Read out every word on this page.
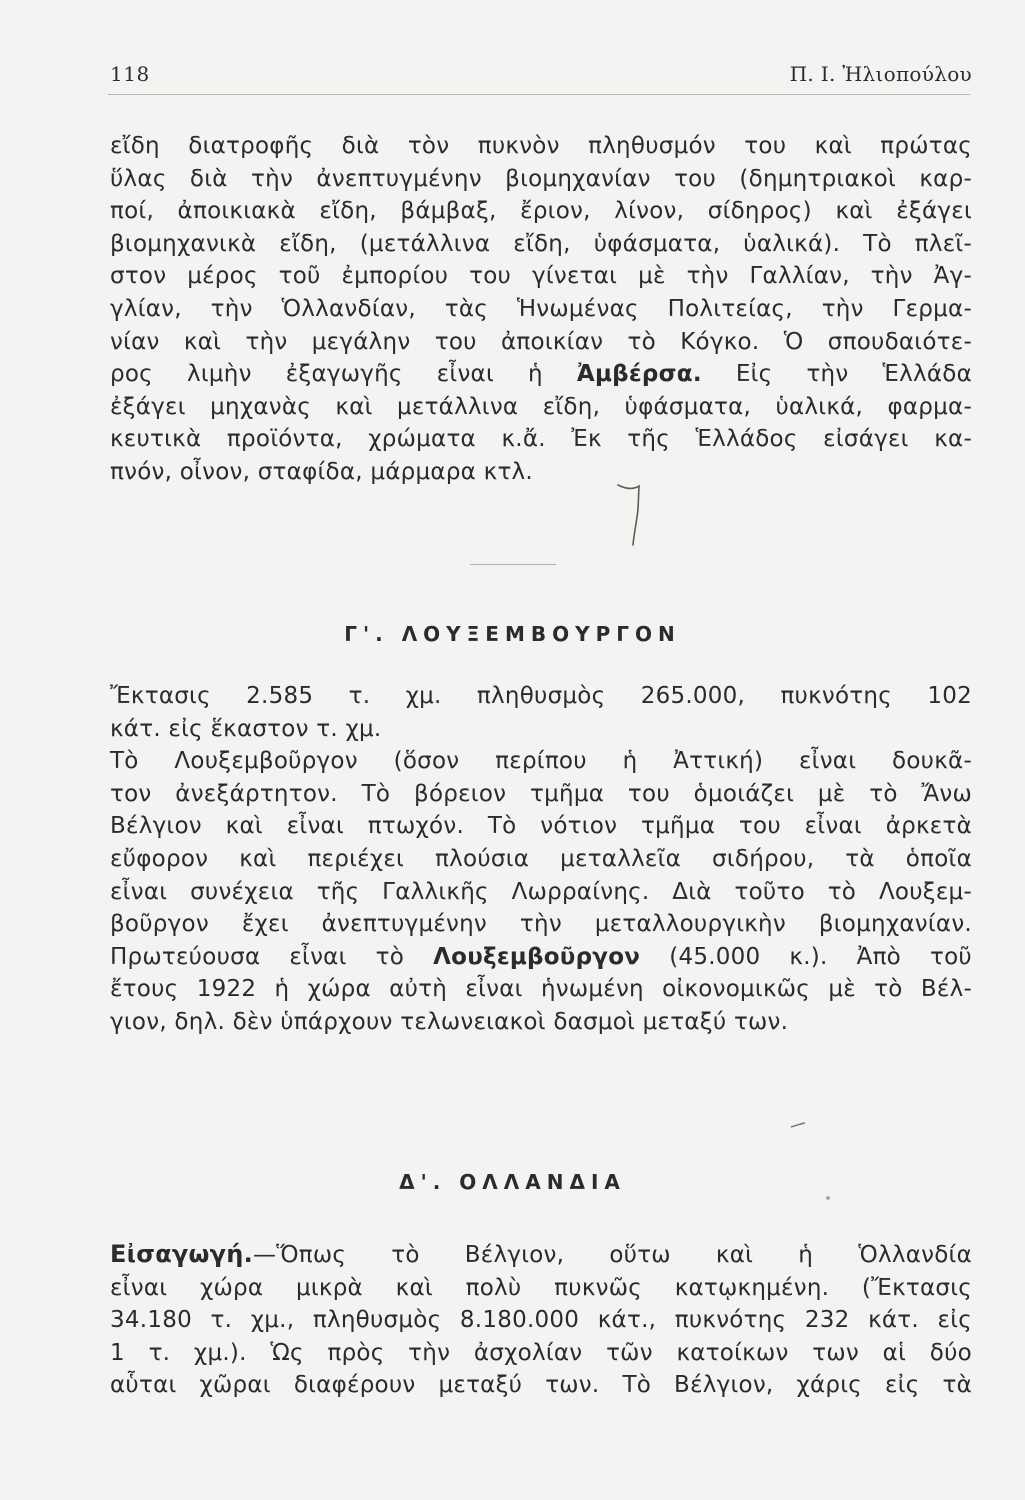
118	Π. Ι. Ἠλιοπούλου
εἴδη διατροφῆς διὰ τὸν πυκνὸν πληθυσμόν του καὶ πρώτας
ὕλας διὰ τὴν ἀνεπτυγμένην βιομηχανίαν του (δημητριακοὶ καρ-
ποί, ἀποικιακὰ εἴδη, βάμβαξ, ἔριον, λίνον, σίδηρος) καὶ ἐξάγει
βιομηχανικὰ εἴδη, (μετάλλινα εἴδη, ὑφάσματα, ὑαλικά). Τὸ πλεῖ-
στον μέρος τοῦ ἐμπορίου του γίνεται μὲ τὴν Γαλλίαν, τὴν Ἀγ-
γλίαν, τὴν Ὁλλανδίαν, τὰς Ἡνωμένας Πολιτείας, τὴν Γερμα-
νίαν καὶ τὴν μεγάλην του ἀποικίαν τὸ Κόγκο. Ὁ σπουδαιότε-
ρος λιμὴν ἐξαγωγῆς εἶναι ἡ Ἀμβέρσα. Εἰς τὴν Ἑλλάδα
ἐξάγει μηχανὰς καὶ μετάλλινα εἴδη, ὑφάσματα, ὑαλικά, φαρμα-
κευτικὰ προϊόντα, χρώματα κ.ἄ. Ἐκ τῆς Ἑλλάδος εἰσάγει κα-
πνόν, οἶνον, σταφίδα, μάρμαρα κτλ.
Γ'. ΛΟΥΞΕΜΒΟΥΡΓΟΝ
Ἔκτασις 2.585 τ. χμ. πληθυσμὸς 265.000, πυκνότης 102
κάτ. εἰς ἕκαστον τ. χμ.
Τὸ Λουξεμβοῦργον (ὅσον περίπου ἡ Ἀττική) εἶναι δουκᾶ-
τον ἀνεξάρτητον. Τὸ βόρειον τμῆμα του ὁμοιάζει μὲ τὸ Ἄνω
Βέλγιον καὶ εἶναι πτωχόν. Τὸ νότιον τμῆμα του εἶναι ἀρκετὰ
εὔφορον καὶ περιέχει πλούσια μεταλλεῖα σιδήρου, τὰ ὁποῖα
εἶναι συνέχεια τῆς Γαλλικῆς Λωρραίνης. Διὰ τοῦτο τὸ Λουξεμ-
βοῦργον ἔχει ἀνεπτυγμένην τὴν μεταλλουργικὴν βιομηχανίαν.
Πρωτεύουσα εἶναι τὸ Λουξεμβοῦργον (45.000 κ.). Ἀπὸ τοῦ
ἔτους 1922 ἡ χώρα αὐτὴ εἶναι ἡνωμένη οἰκονομικῶς μὲ τὸ Βέλ-
γιον, δηλ. δὲν ὑπάρχουν τελωνειακοὶ δασμοὶ μεταξύ των.
Δ'. ΟΛΛΑΝΔΙΑ
Εἰσαγωγή.—Ὅπως τὸ Βέλγιον, οὕτω καὶ ἡ Ὁλλανδία
εἶναι χώρα μικρὰ καὶ πολὺ πυκνῶς κατῳκημένη. (Ἔκτασις
34.180 τ. χμ., πληθυσμὸς 8.180.000 κάτ., πυκνότης 232 κάτ. εἰς
1 τ. χμ.). Ὡς πρὸς τὴν ἀσχολίαν τῶν κατοίκων των αἱ δύο
αὗται χῶραι διαφέρουν μεταξύ των. Τὸ Βέλγιον, χάρις εἰς τὰ
